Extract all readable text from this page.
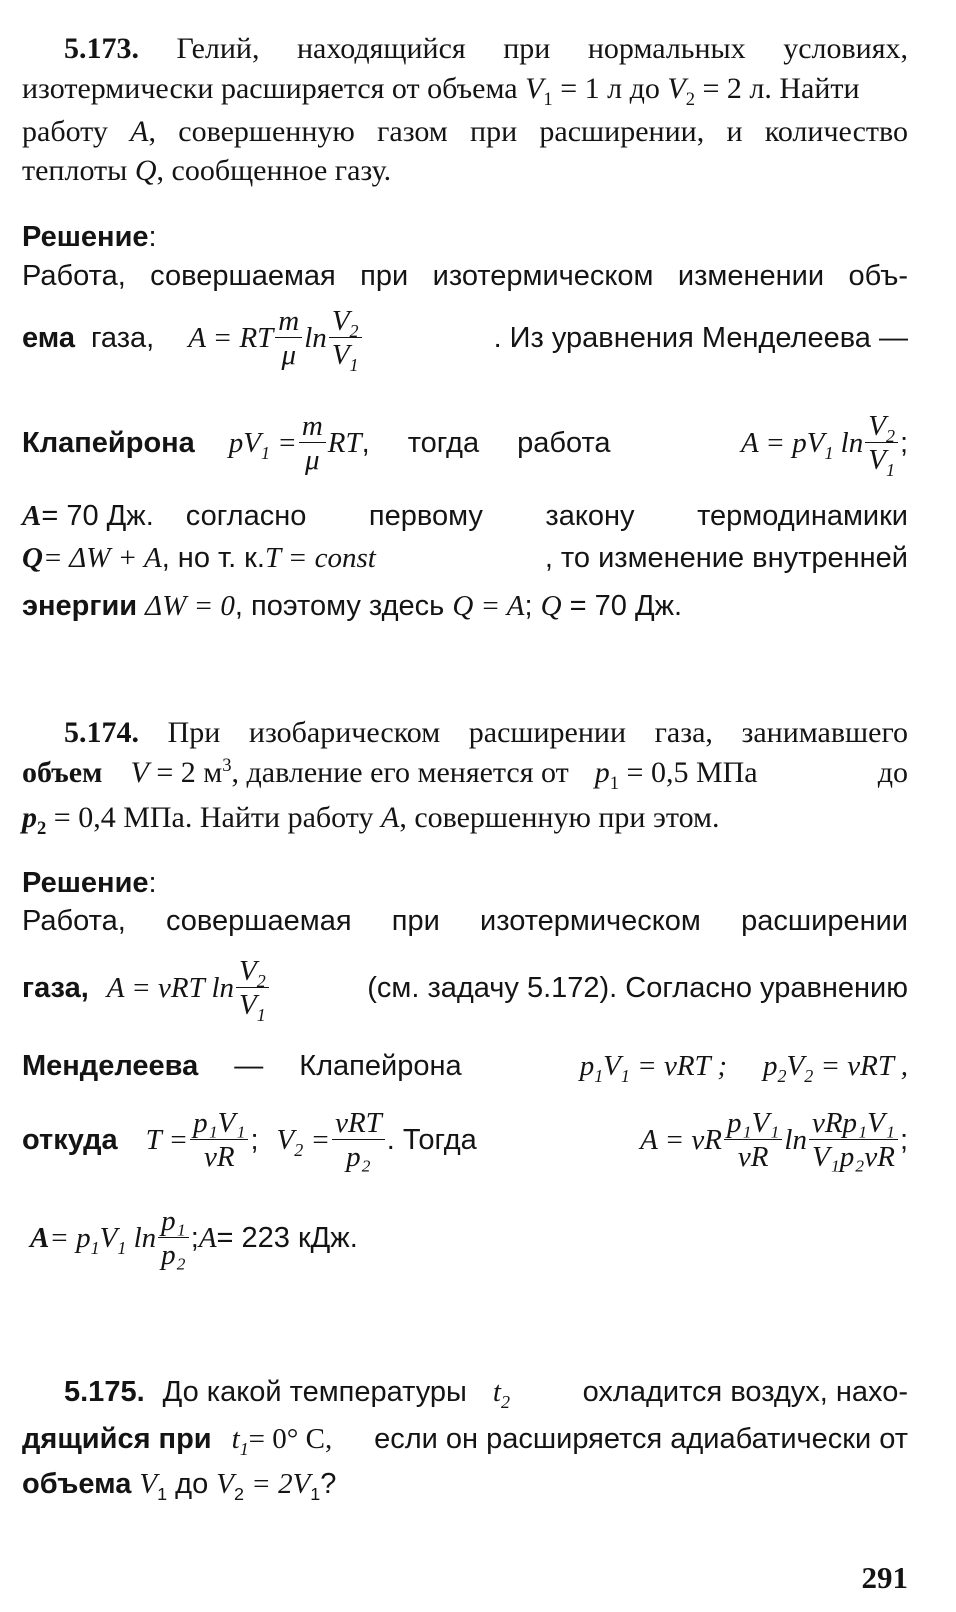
5.173. Гелий, находящийся при нормальных условиях,
изотермически расширяется от объема $V_1 = 1$ л до $V_2 = 2$ л. Найти
работу A, совершенную газом при расширении, и количество
теплоты Q, сообщенное газу.
Решение:
Работа, совершаемая при изотермическом изменении объ-
ема газа, A = RT $\frac{m}{\mu}$ $\ln \frac{V_2}{V_1}$	. Из уравнения Менделеева —
Клапейрона $pV_1 = \frac{m}{\mu}$ RT , тогда работа	$A = pV_1$ $\ln \frac{V_2}{V_1}$ ;
A = 70 Дж. согласно первому закону термодинамики
Q = ΔW + A , но т. к. T = const	, то изменение внутренней
энергии ΔW = 0, поэтому здесь Q = A; Q = 70 Дж.
5.174. При изобарическом расширении газа, занимавшего
объем V = 2 $м^3$, давление его меняется от $p_1 = 0,5$ МПа	до
$p_2 = 0,4$ МПа. Найти работу A, совершенную при этом.
Решение:
Работа, совершаемая при изотермическом расширении
газа, A = νRT $\ln \frac{V_2}{V_1}$	(см. задачу 5.172). Согласно уравнению
Менделеева — Клапейрона	$p_1V_1 = \nu RT$ ; $p_2V_2 = \nu RT$ ,
откуда $T = \frac{\text{p₁V₁}}{\nu R}$ ; $V_2 = \frac{\text{νRT}}{\text{p₂}}$ . Тогда	A = νR $\frac{\text{p₁V₁}}{\nu R}$ $\ln \frac{\text{νRp₁V₁}}{\text{V₁p₂νR}}$ ;
$A = p_1V_1$ $\ln \frac{\text{p₁}}{\text{p₂}}$ ; A = 223 кДж.
5.175. До какой температуры $t_2$	охладится воздух, нахо-
дящийся при $t_1 = 0^\circ$ C, если он расширяется адиабатически от
объема $V_1$ до $V_2 = 2V_1$?
291
